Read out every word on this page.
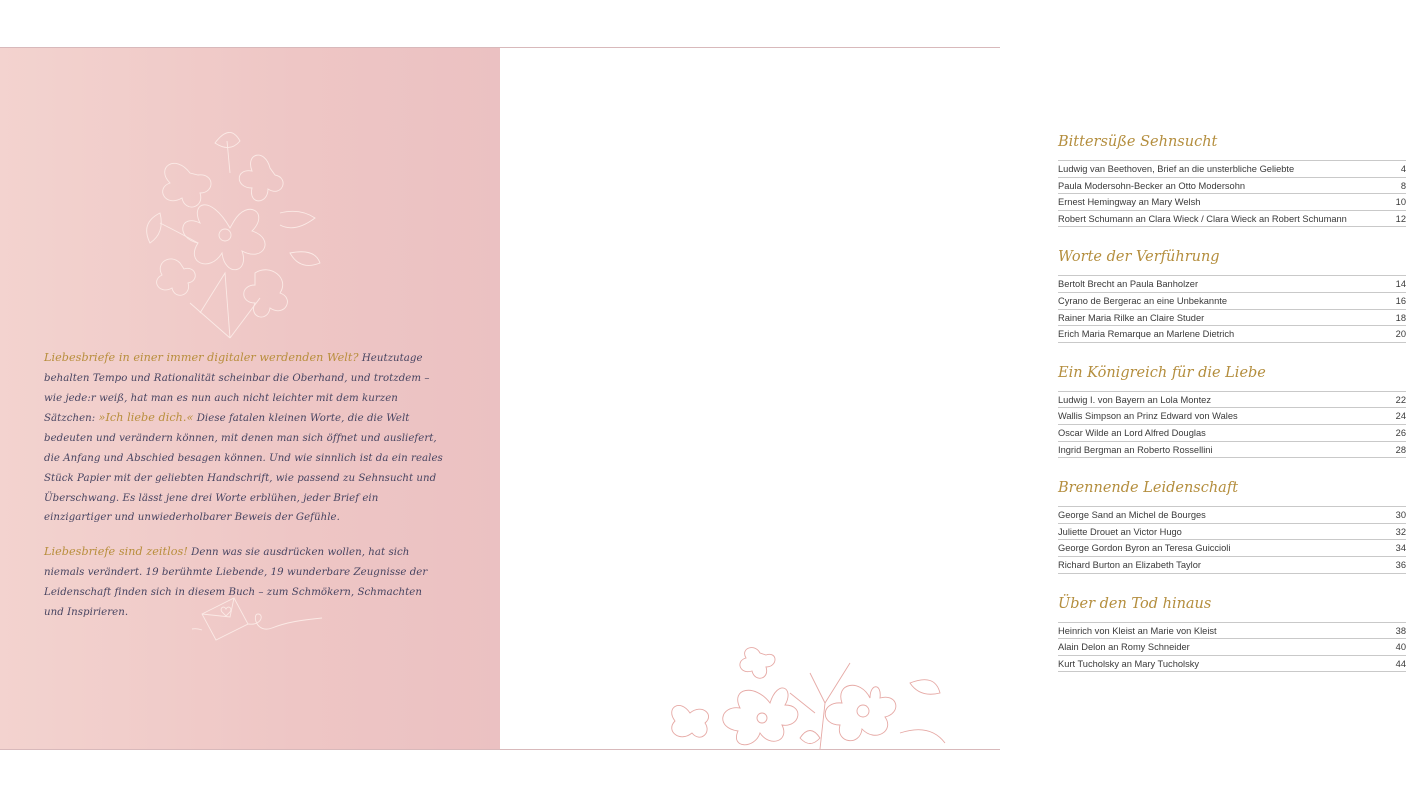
Liebesbriefe in einer immer digitaler werdenden Welt? Heutzutage behalten Tempo und Rationalität scheinbar die Oberhand, und trotzdem – wie jede:r weiß, hat man es nun auch nicht leichter mit dem kurzen Sätzchen: »Ich liebe dich.« Diese fatalen kleinen Worte, die die Welt bedeuten und verändern können, mit denen man sich öffnet und ausliefert, die Anfang und Abschied besagen können. Und wie sinnlich ist da ein reales Stück Papier mit der geliebten Handschrift, wie passend zu Sehnsucht und Überschwang. Es lässt jene drei Worte erblühen, jeder Brief ein einzigartiger und unwiederholbarer Beweis der Gefühle.

Liebesbriefe sind zeitlos! Denn was sie ausdrücken wollen, hat sich niemals verändert. 19 berühmte Liebende, 19 wunderbare Zeugnisse der Leidenschaft finden sich in diesem Buch – zum Schmökern, Schmachten und Inspirieren.

Bittersüße Sehnsucht
Ludwig van Beethoven, Brief an die unsterbliche Geliebte	4
Paula Modersohn-Becker an Otto Modersohn	8
Ernest Hemingway an Mary Welsh	10
Robert Schumann an Clara Wieck / Clara Wieck an Robert Schumann	12
Worte der Verführung
Bertolt Brecht an Paula Banholzer	14
Cyrano de Bergerac an eine Unbekannte	16
Rainer Maria Rilke an Claire Studer	18
Erich Maria Remarque an Marlene Dietrich	20
Ein Königreich für die Liebe
Ludwig I. von Bayern an Lola Montez	22
Wallis Simpson an Prinz Edward von Wales	24
Oscar Wilde an Lord Alfred Douglas	26
Ingrid Bergman an Roberto Rossellini	28
Brennende Leidenschaft
George Sand an Michel de Bourges	30
Juliette Drouet an Victor Hugo	32
George Gordon Byron an Teresa Guiccioli	34
Richard Burton an Elizabeth Taylor	36
Über den Tod hinaus
Heinrich von Kleist an Marie von Kleist	38
Alain Delon an Romy Schneider	40
Kurt Tucholsky an Mary Tucholsky	44
